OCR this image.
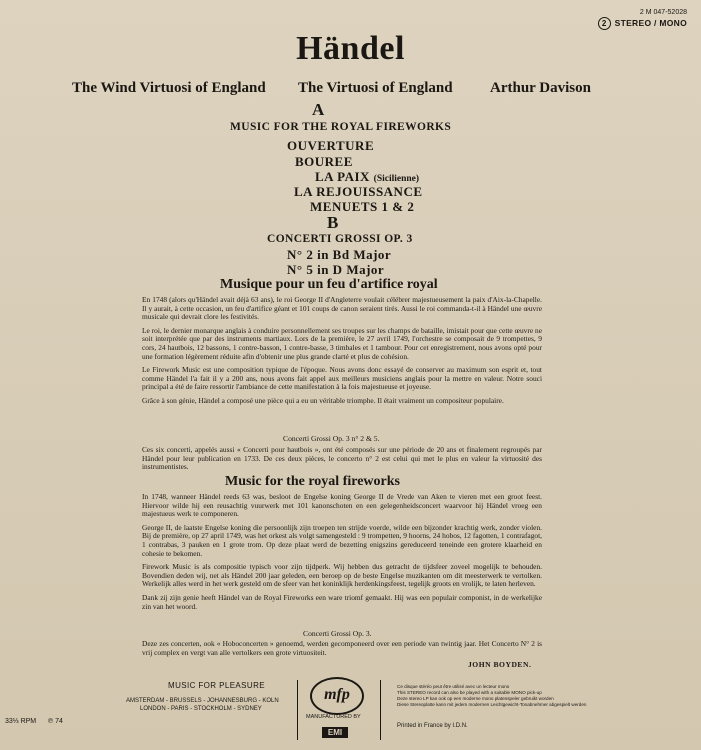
2 M 047-52028
2 STEREO / MONO
Händel
The Wind Virtuosi of England The Virtuosi of England Arthur Davison
A
MUSIC FOR THE ROYAL FIREWORKS
OUVERTURE
BOUREE
LA PAIX (Sicilienne)
LA REJOUISSANCE
MENUETS 1 & 2
B
CONCERTI GROSSI OP. 3
N° 2 in Bd Major
N° 5 in D Major
Musique pour un feu d'artifice royal

En 1748 (alors qu'Händel avait déjà 63 ans), le roi George II d'Angleterre voulait célébrer majestueusement la paix d'Aix-la-Chapelle. Il y aurait, à cette occasion, un feu d'artifice géant et 101 coups de canon seraient tirés. Aussi le roi commanda-t-il à Händel une œuvre musicale qui devrait clore les festivités.

Le roi, le dernier monarque anglais à conduire personnellement ses troupes sur les champs de bataille, imistait pour que cette œuvre ne soit interprétée que par des instruments martiaux. Lors de la première, le 27 avril 1749, l'orchestre se composait de 9 trompettes, 9 cors, 24 hautbois, 12 bassons, 1 contre-basson, 1 contre-basse, 3 timbales et 1 tambour. Pour cet enregistrement, nous avons opté pour une formation légèrement réduite afin d'obtenir une plus grande clarté et plus de cohésion.

Le Firework Music est une composition typique de l'époque. Nous avons donc essayé de conserver au maximum son esprit et, tout comme Händel l'a fait il y a 200 ans, nous avons fait appel aux meilleurs musiciens anglais pour la mettre en valeur. Notre souci principal a été de faire ressortir l'ambiance de cette manifestation à la fois majestueuse et joyeuse.

Grâce à son génie, Händel a composé une pièce qui a eu un véritable triomphe. Il était vraiment un compositeur populaire.

Concerti Grossi Op. 3 n° 2 & 5.

Ces six concerti, appelés aussi « Concerti pour hautbois », ont été composés sur une période de 20 ans et finalement regroupés par Händel pour leur publication en 1733. De ces deux pièces, le concerto n° 2 est celui qui met le plus en valeur la virtuosité des instrumentistes.

Music for the royal fireworks

In 1748, wanneer Händel reeds 63 was, besloot de Engelse koning George II de Vrede van Aken te vieren met een groot feest. Hiervoor wilde hij een reusachtig vuurwerk met 101 kanonschoten en een gelegenheidsconcert waarvoor hij Händel vroeg een majestueus werk te componeren.

George II, de laatste Engelse koning die persoonlijk zijn troepen ten strijde voerde, wilde een bijzonder krachtig werk, zonder violen. Bij de première, op 27 april 1749, was het orkest als volgt samengesteld : 9 trompetten, 9 hoorns, 24 hobos, 12 fagotten, 1 contrafagot, 1 contrabas, 3 pauken en 1 grote trom. Op deze plaat werd de bezetting enigszins gereduceerd teneinde een grotere klaarheid en cohesie te bekomen.

Firework Music is als compositie typisch voor zijn tijdperk. Wij hebben dus getracht de tijdsfeer zoveel mogelijk te behouden. Bovendien deden wij, net als Händel 200 jaar geleden, een beroep op de beste Engelse muzikanten om dit meesterwerk te vertolken. Werkelijk alles werd in het werk gesteld om de sfeer van het koninklijk herdenkingsfeest, tegelijk groots en vrolijk, te laten herleven.

Dank zij zijn genie heeft Händel van de Royal Fireworks een ware triomf gemaakt. Hij was een populair componist, in de werkelijke zin van het woord.

Concerti Grossi Op. 3.

Deze zes concerten, ook « Hoboconcerten » genoemd, werden gecomponeerd over een periode van twintig jaar. Het Concerto N° 2 is vrij complex en vergt van alle vertolkers een grote virtuositeit.

JOHN BOYDEN.
MUSIC FOR PLEASURE
AMSTERDAM - BRUSSELS - JOHANNESBURG - KOLN
LONDON - PARIS - STOCKHOLM - SYDNEY
33⅓ RPM ℗ 74
mfp
MANUFACTURED BY
EMI
Ce disque stéréo peut être utilisé avec un lecteur mono
This STEREO record can also be played with a suitable MONO pick-up
Deze stereo LP kan ook op een moderne mono platenspeler gebruikt worden
Diese Stereoplatte kann mit jedem modernen Leichtgewicht-Tonabnehmer abgespielt werden
Printed in France by I.D.N.
